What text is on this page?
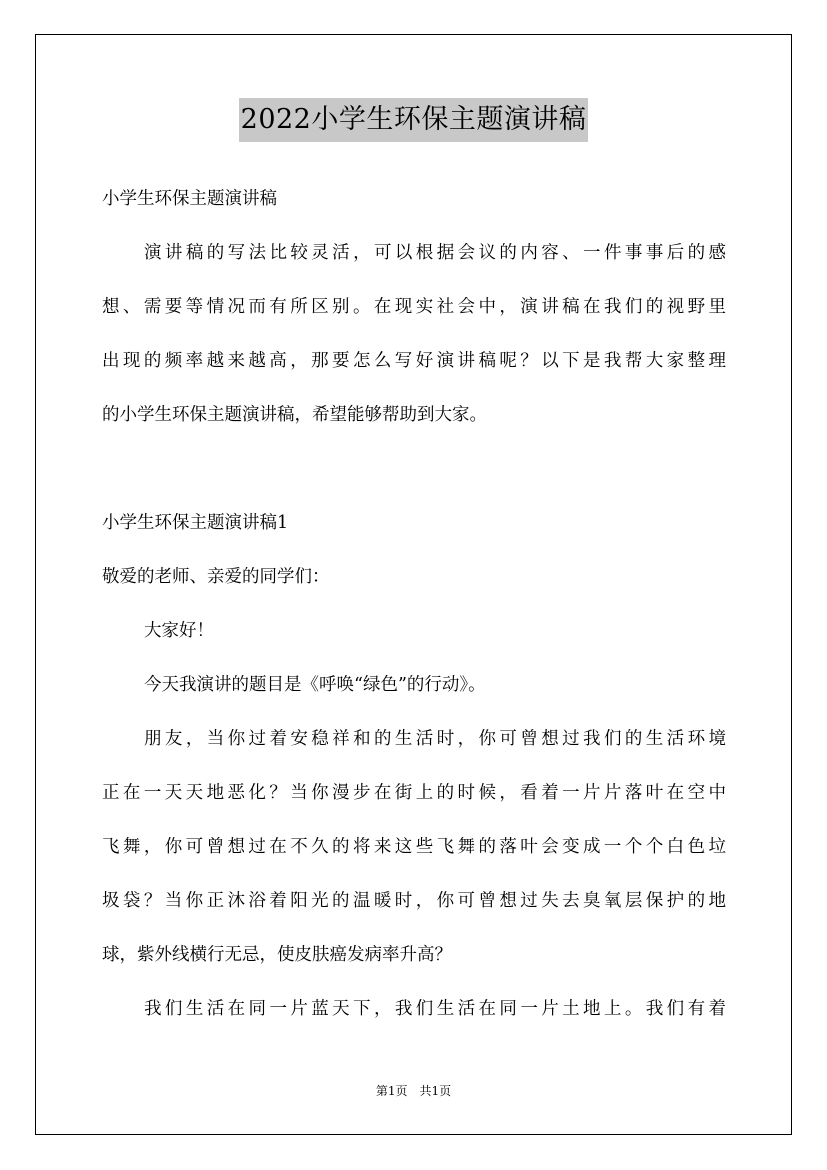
2022小学生环保主题演讲稿
小学生环保主题演讲稿
演讲稿的写法比较灵活，可以根据会议的内容、一件事事后的感
想、需要等情况而有所区别。在现实社会中，演讲稿在我们的视野里
出现的频率越来越高，那要怎么写好演讲稿呢？以下是我帮大家整理
的小学生环保主题演讲稿，希望能够帮助到大家。
小学生环保主题演讲稿1
敬爱的老师、亲爱的同学们：
大家好！
今天我演讲的题目是《呼唤“绿色”的行动》。
朋友，当你过着安稳祥和的生活时，你可曾想过我们的生活环境
正在一天天地恶化？当你漫步在街上的时候，看着一片片落叶在空中
飞舞，你可曾想过在不久的将来这些飞舞的落叶会变成一个个白色垃
圾袋？当你正沐浴着阳光的温暖时，你可曾想过失去臭氧层保护的地
球，紫外线横行无忌，使皮肤癌发病率升高？
我们生活在同一片蓝天下，我们生活在同一片土地上。我们有着
第1页　共1页
